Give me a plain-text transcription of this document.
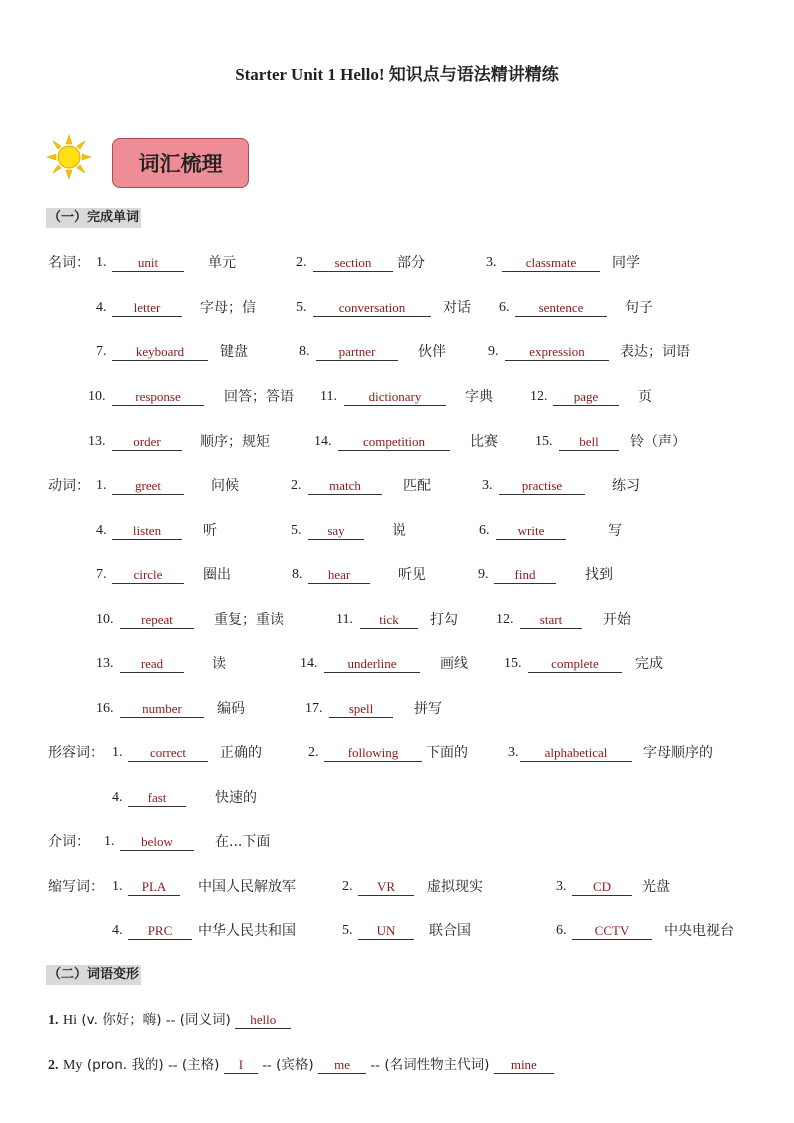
Starter Unit 1 Hello! 知识点与语法精讲精练
词汇梳理
（一）完成单词
名词： 1.	unit	单元	2.	section	部分	3.	classmate	同学
4.	letter	字母；信	5.	conversation	对话 6.	sentence	句子
7.	keyboard	键盘	8.	partner	伙伴	9.	expression	表达；词语
10.	response	回答；答语 11.	dictionary	字典	12.	page	页
13.	order	顺序；规矩	14.	competition	比赛	15.	bell	铃（声）
动词： 1.	greet	问候	2.	match	匹配	3.	practise	练习
4.	listen	听	5.	say	说	6.	write	写
7.	circle	圈出	8.	hear	听见	9.	find	找到
10.	repeat	重复；重读	11.	tick	打勾	12.	start	开始
13.	read	读	14.	underline	画线	15.	complete	完成
16.	number	编码	17.	spell	拼写
形容词： 1.	correct	正确的	2.	following	下面的	3.	alphabetical	字母顺序的
4.	fast	快速的
介词： 1.	below	在...下面
缩写词： 1.	PLA	中国人民解放军	2.	VR	虚拟现实	3.	CD	光盘
4.	PRC	中华人民共和国	5.	UN	联合国	6.	CCTV	中央电视台
（二）词语变形
1. Hi (v. 你好；嗨) -- (同义词) hello
2. My (pron. 我的) -- (主格) I -- (宾格) me -- (名词性物主代词) mine
